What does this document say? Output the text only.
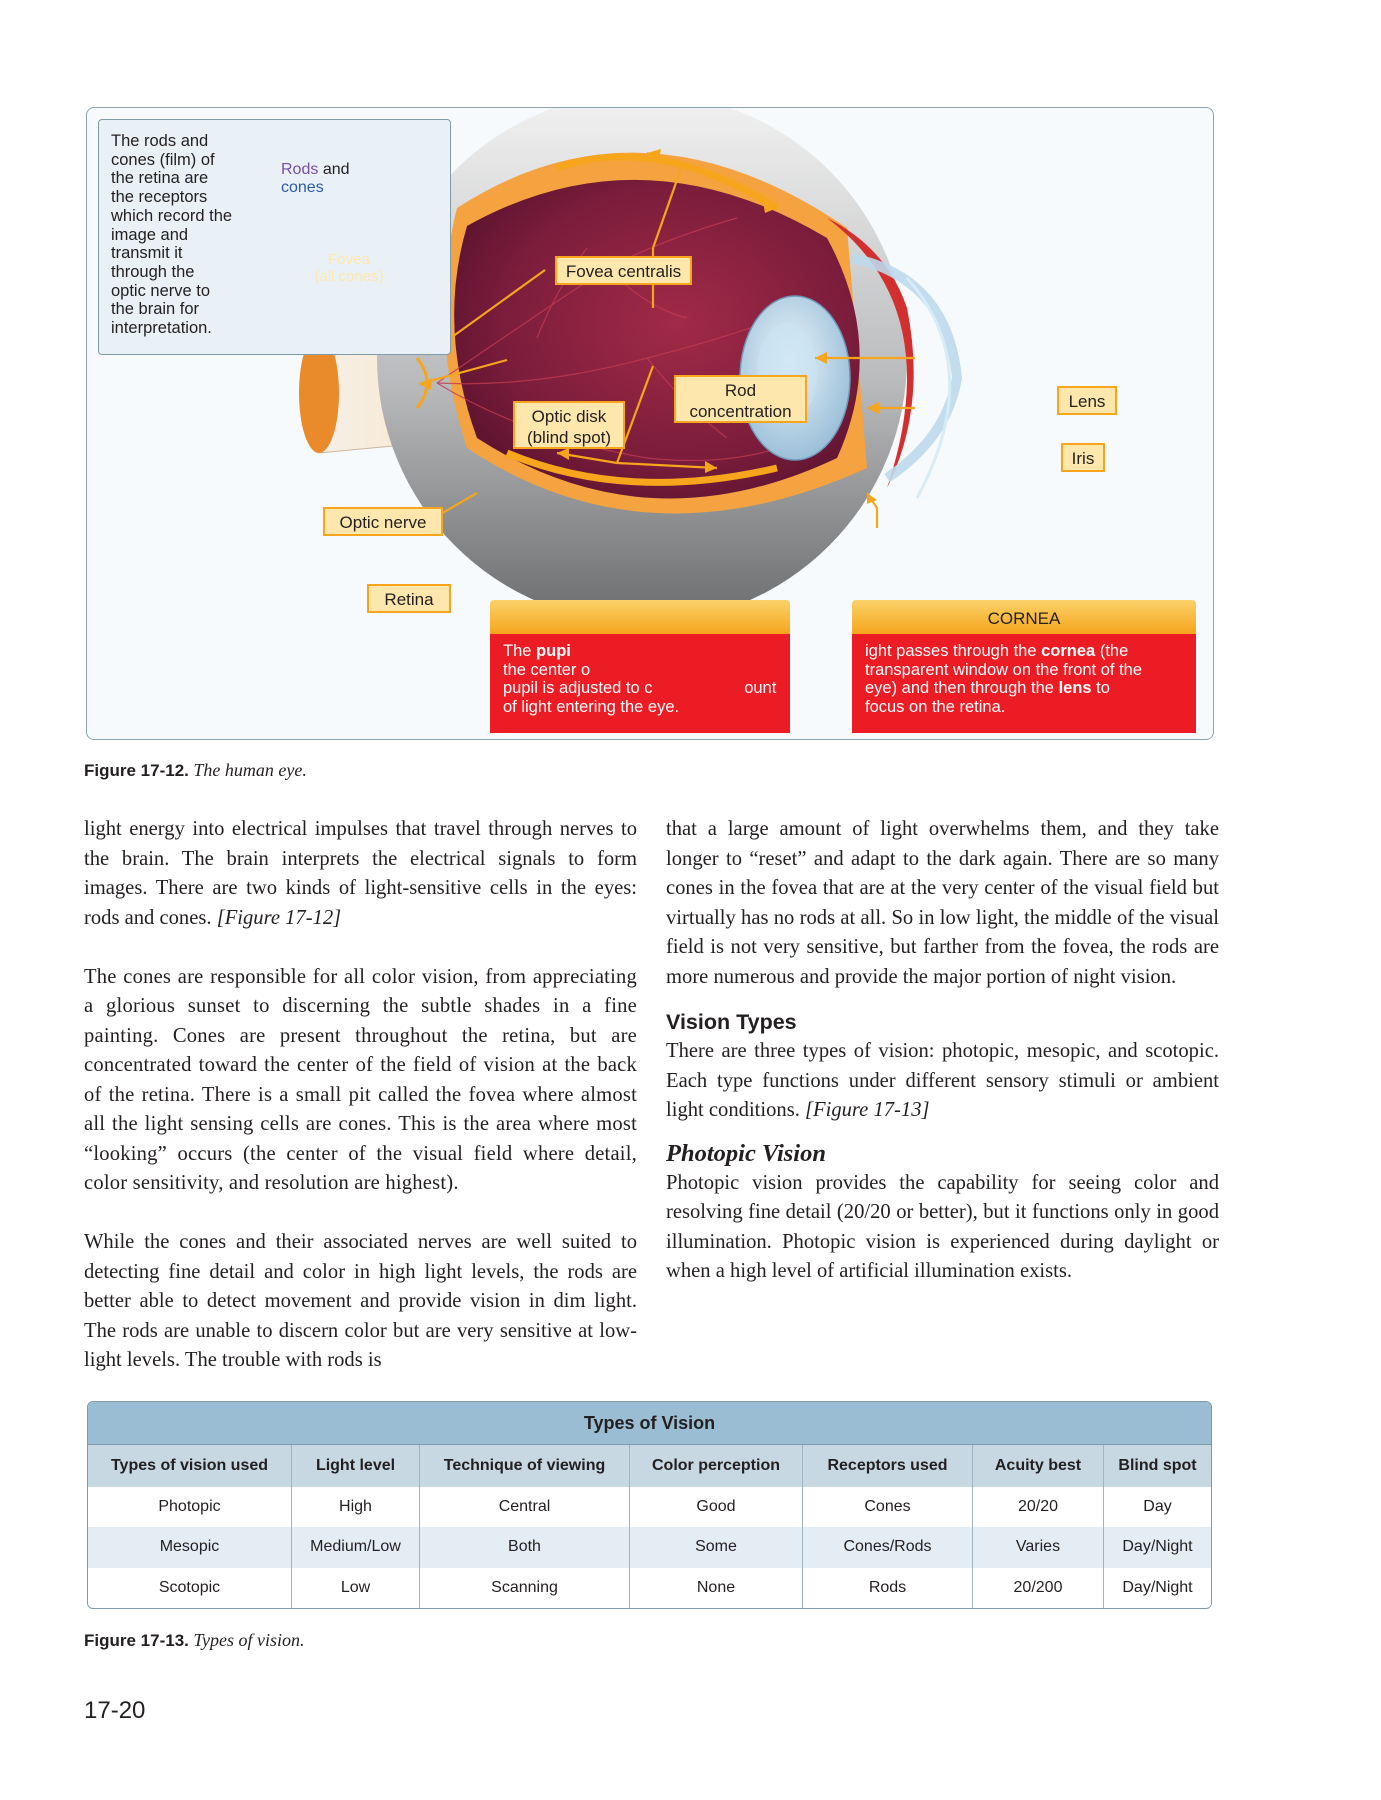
The rods and cones (film) of the retina are the receptors which record the image and transmit it through the optic nerve to the brain for interpretation.
Rods and
cones
Fovea
(all cones)	Fovea centralis
Rod
concentration
Optic disk
(blind spot)
Lens
Iris
Optic nerve
Retina
The pupi
the center o
pupil is adjusted to c                    ount
of light entering the eye.
CORNEA
ight passes through the cornea (the
transparent window on the front of the
eye) and then through the lens to
focus on the retina.
Figure 17-12. The human eye.

light energy into electrical impulses that travel through nerves to the brain. The brain interprets the electrical signals to form images. There are two kinds of light-sensitive cells in the eyes: rods and cones. [Figure 17-12]

The cones are responsible for all color vision, from appreciating a glorious sunset to discerning the subtle shades in a fine painting. Cones are present throughout the retina, but are concentrated toward the center of the field of vision at the back of the retina. There is a small pit called the fovea where almost all the light sensing cells are cones. This is the area where most “looking” occurs (the center of the visual field where detail, color sensitivity, and resolution are highest).

While the cones and their associated nerves are well suited to detecting fine detail and color in high light levels, the rods are better able to detect movement and provide vision in dim light. The rods are unable to discern color but are very sensitive at low-light levels. The trouble with rods is

that a large amount of light overwhelms them, and they take longer to “reset” and adapt to the dark again. There are so many cones in the fovea that are at the very center of the visual field but virtually has no rods at all. So in low light, the middle of the visual field is not very sensitive, but farther from the fovea, the rods are more numerous and provide the major portion of night vision.

Vision Types

There are three types of vision: photopic, mesopic, and scotopic. Each type functions under different sensory stimuli or ambient light conditions. [Figure 17-13]

Photopic Vision

Photopic vision provides the capability for seeing color and resolving fine detail (20/20 or better), but it functions only in good illumination. Photopic vision is experienced during daylight or when a high level of artificial illumination exists.

Types of Vision						
Types of vision used	Light level	Technique of viewing	Color perception	Receptors used	Acuity best	Blind spot
Photopic	High	Central	Good	Cones	20/20	Day
Mesopic	Medium/Low	Both	Some	Cones/Rods	Varies	Day/Night
Scotopic	Low	Scanning	None	Rods	20/200	Day/Night
Figure 17-13. Types of vision.
17-20
